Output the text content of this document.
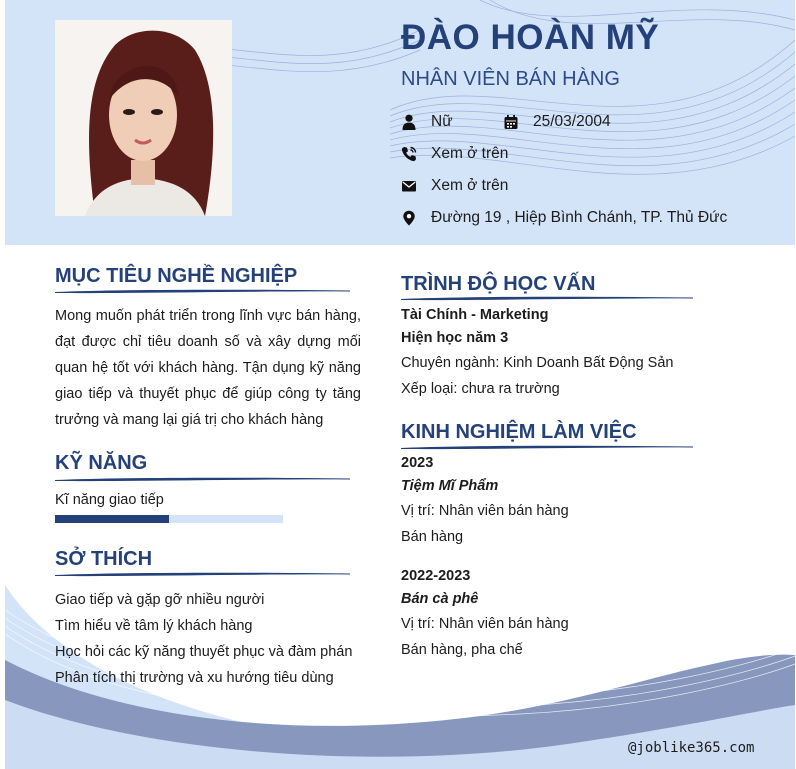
ĐÀO HOÀN MỸ
NHÂN VIÊN BÁN HÀNG
Nữ	25/03/2004
Xem ở trên
Xem ở trên
Đường 19 , Hiệp Bình Chánh, TP. Thủ Đức
MỤC TIÊU NGHỀ NGHIỆP
Mong muốn phát triển trong lĩnh vực bán hàng, đạt được chỉ tiêu doanh số và xây dựng mối quan hệ tốt với khách hàng. Tận dụng kỹ năng giao tiếp và thuyết phục để giúp công ty tăng trưởng và mang lại giá trị cho khách hàng
KỸ NĂNG
Kĩ năng giao tiếp
SỞ THÍCH
Giao tiếp và gặp gỡ nhiều người
Tìm hiểu về tâm lý khách hàng
Học hỏi các kỹ năng thuyết phục và đàm phán
Phân tích thị trường và xu hướng tiêu dùng
TRÌNH ĐỘ HỌC VẤN
Tài Chính - Marketing
Hiện học năm 3
Chuyên ngành: Kinh Doanh Bất Động Sản
Xếp loại: chưa ra trường
KINH NGHIỆM LÀM VIỆC
2023
Tiệm Mĩ Phẩm
Vị trí: Nhân viên bán hàng
Bán hàng
2022-2023
Bán cà phê
Vị trí: Nhân viên bán hàng
Bán hàng, pha chế
@joblike365.com
